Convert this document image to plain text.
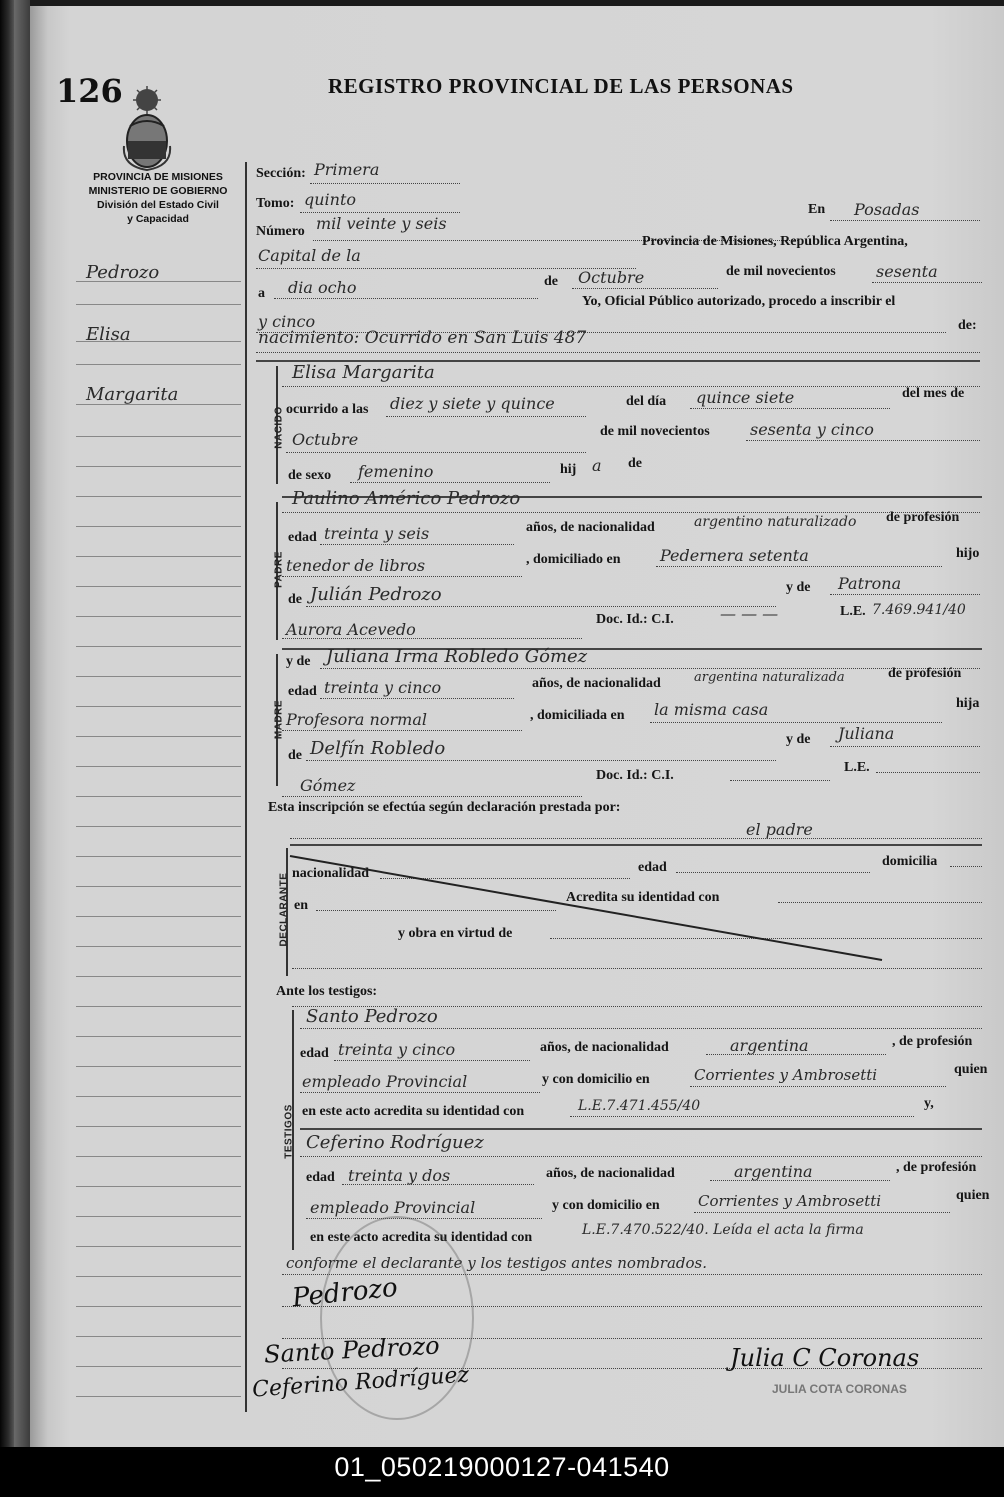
126	REGISTRO PROVINCIAL DE LAS PERSONAS
PROVINCIA DE MISIONES
MINISTERIO DE GOBIERNO
División del Estado Civil
y Capacidad
Pedrozo
Elisa
Margarita
Sección: Primera
Tomo: quinto
Número mil veinte y seis
En Posadas
Capital de la
Provincia de Misiones, República Argentina,
a dia ocho	de Octubre	de mil novecientos	sesenta
Yo, Oficial Público autorizado, procedo a inscribir el
y cinco	de:
nacimiento: Ocurrido en San Luis 487
NACIDO
Elisa Margarita
ocurrido a las diez y siete y quince	del día quince siete	del mes de
Octubre	de mil novecientos	sesenta y cinco
de sexo femenino	hij a de
PADRE
Paulino Américo Pedrozo
edad treinta y seis	años, de nacionalidad	argentino naturalizado de profesión
tenedor de libros	, domiciliado en Pedernera setenta	hijo
de Julián Pedrozo	y de Patrona
Aurora Acevedo
Doc. Id.: C.I.	— — —	L.E. 7.469.941/40
MADRE
y de Juliana Irma Robledo Gómez
edad treinta y cinco	años, de nacionalidad	argentina naturalizada	de profesión
Profesora normal	, domiciliada en la misma casa	hija
de Delfín Robledo	y de Juliana
Gómez
Doc. Id.: C.I.
L.E.
Esta inscripción se efectúa según declaración prestada por:
el padre
DECLARANTE nacionalidad	edad	domicilia
en
Acredita su identidad con
y obra en virtud de
Ante los testigos:
TESTIGOS
Santo Pedrozo
edad treinta y cinco	años, de nacionalidad	argentina	, de profesión
empleado Provincial	y con domicilio en	Corrientes y Ambrosetti	quien
en este acto acredita su identidad con	L.E.7.471.455/40	y,
Ceferino Rodríguez
edad treinta y dos	años, de nacionalidad	argentina	, de profesión
empleado Provincial	y con domicilio en	Corrientes y Ambrosetti	quien
en este acto acredita su identidad con	L.E.7.470.522/40. Leída el acta la firma
conforme el declarante y los testigos antes nombrados.
Pedrozo
Santo Pedrozo
Ceferino Rodríguez
Julia C Coronas
JULIA COTA CORONAS
01_050219000127-041540
